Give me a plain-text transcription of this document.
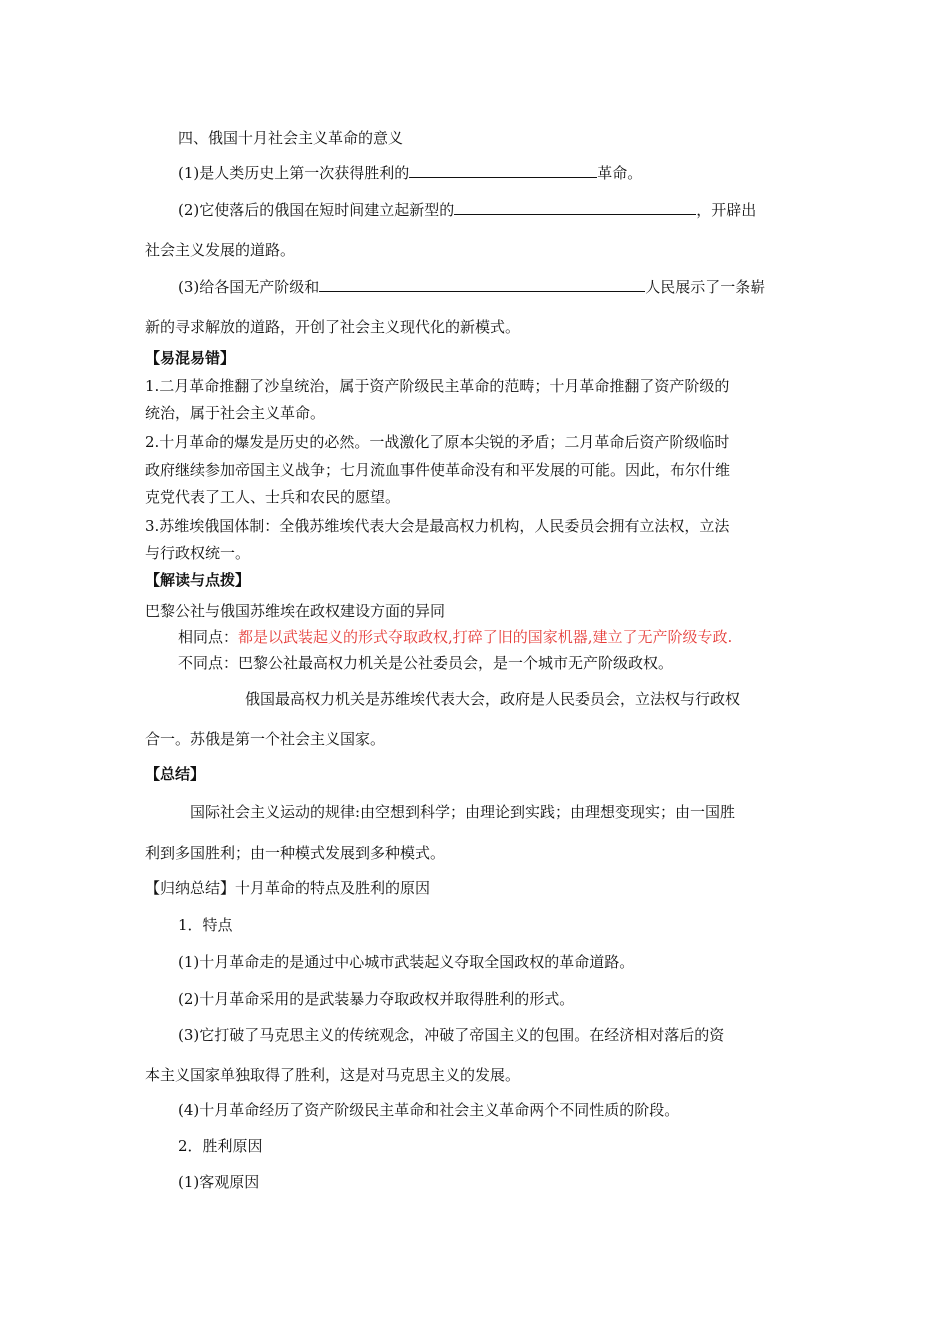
四、俄国十月社会主义革命的意义
(1)是人类历史上第一次获得胜利的	革命。
(2)它使落后的俄国在短时间建立起新型的	，开辟出
社会主义发展的道路。
(3)给各国无产阶级和	人民展示了一条崭
新的寻求解放的道路，开创了社会主义现代化的新模式。
【易混易错】
1.二月革命推翻了沙皇统治，属于资产阶级民主革命的范畴；十月革命推翻了资产阶级的
统治，属于社会主义革命。
2.十月革命的爆发是历史的必然。一战激化了原本尖锐的矛盾；二月革命后资产阶级临时
政府继续参加帝国主义战争；七月流血事件使革命没有和平发展的可能。因此，布尔什维
克党代表了工人、士兵和农民的愿望。
3.苏维埃俄国体制：全俄苏维埃代表大会是最高权力机构，人民委员会拥有立法权，立法
与行政权统一。
【解读与点拨】
巴黎公社与俄国苏维埃在政权建设方面的异同
相同点：都是以武装起义的形式夺取政权,打碎了旧的国家机器,建立了无产阶级专政.
不同点：巴黎公社最高权力机关是公社委员会，是一个城市无产阶级政权。
俄国最高权力机关是苏维埃代表大会，政府是人民委员会，立法权与行政权
合一。苏俄是第一个社会主义国家。
【总结】
国际社会主义运动的规律:由空想到科学；由理论到实践；由理想变现实；由一国胜
利到多国胜利；由一种模式发展到多种模式。
【归纳总结】十月革命的特点及胜利的原因
1．特点
(1)十月革命走的是通过中心城市武装起义夺取全国政权的革命道路。
(2)十月革命采用的是武装暴力夺取政权并取得胜利的形式。
(3)它打破了马克思主义的传统观念，冲破了帝国主义的包围。在经济相对落后的资
本主义国家单独取得了胜利，这是对马克思主义的发展。
(4)十月革命经历了资产阶级民主革命和社会主义革命两个不同性质的阶段。
2．胜利原因
(1)客观原因
